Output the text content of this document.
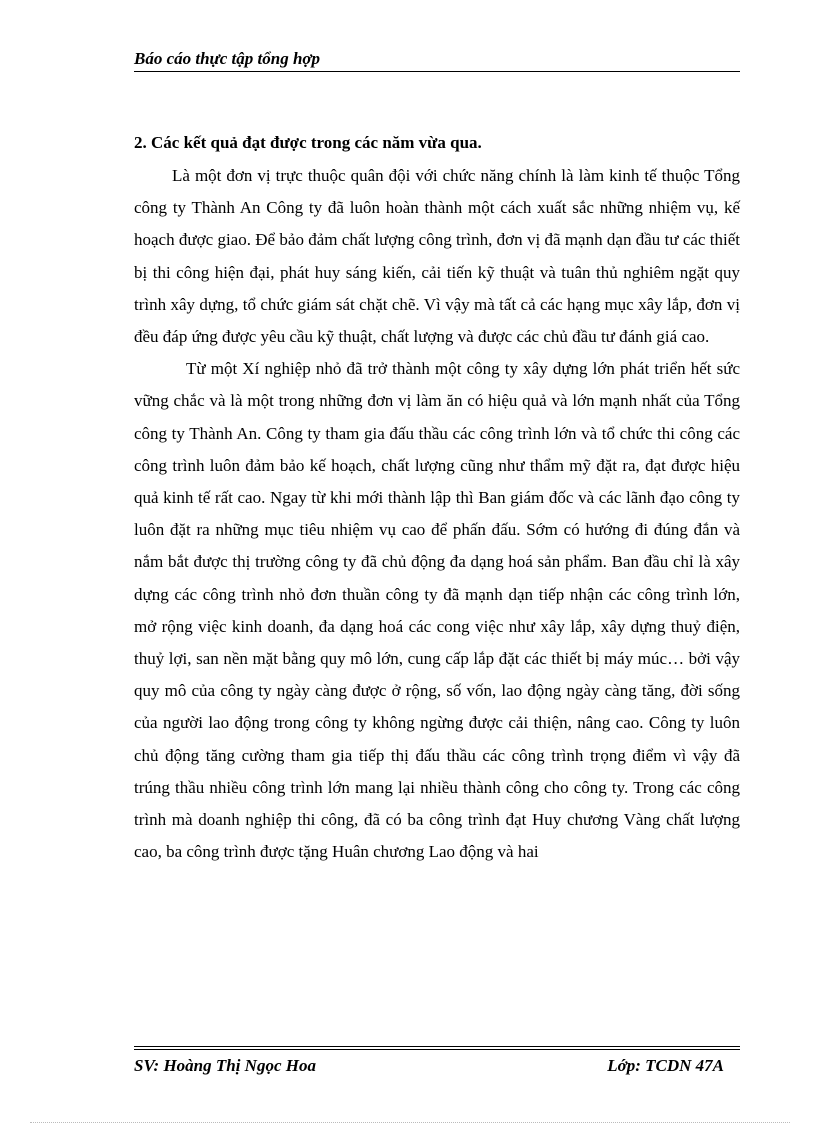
Báo cáo thực tập tổng hợp
2. Các kết quả đạt được trong các năm vừa qua.

Là một đơn vị trực thuộc quân đội với chức năng chính là làm kinh tế thuộc Tổng công ty Thành An Công ty đã luôn hoàn thành một cách xuất sắc những nhiệm vụ, kế hoạch được giao. Để bảo đảm chất lượng công trình, đơn vị đã mạnh dạn đầu tư các thiết bị thi công hiện đại, phát huy sáng kiến, cải tiến kỹ thuật và tuân thủ nghiêm ngặt quy trình xây dựng, tổ chức giám sát chặt chẽ. Vì vậy mà tất cả các hạng mục xây lắp, đơn vị đều đáp ứng được yêu cầu kỹ thuật, chất lượng và được các chủ đầu tư đánh giá cao.

Từ một Xí nghiệp nhỏ đã trở thành một công ty xây dựng lớn phát triển hết sức vững chắc và là một trong những đơn vị làm ăn có hiệu quả và lớn mạnh nhất của Tổng công ty Thành An. Công ty tham gia đấu thầu các công trình lớn và tổ chức thi công các công trình luôn đảm bảo kế hoạch, chất lượng cũng như thẩm mỹ đặt ra, đạt được hiệu quả kinh tế rất cao. Ngay từ khi mới thành lập thì Ban giám đốc và các lãnh đạo công ty luôn đặt ra những mục tiêu nhiệm vụ cao để phấn đấu. Sớm có hướng đi đúng đắn và nắm bắt được thị trường công ty đã chủ động đa dạng hoá sản phẩm. Ban đầu chỉ là xây dựng các công trình nhỏ đơn thuần công ty đã mạnh dạn tiếp nhận các công trình lớn, mở rộng việc kinh doanh, đa dạng hoá các cong việc như xây lắp, xây dựng thuỷ điện, thuỷ lợi, san nền mặt bằng quy mô lớn, cung cấp lắp đặt các thiết bị máy múc… bởi vậy quy mô của công ty ngày càng được ở rộng, số vốn, lao động ngày càng tăng, đời sống của người lao động trong công ty không ngừng được cải thiện, nâng cao. Công ty luôn chủ động tăng cường tham gia tiếp thị đấu thầu các công trình trọng điểm vì vậy đã trúng thầu nhiều công trình lớn mang lại nhiều thành công cho công ty. Trong các công trình mà doanh nghiệp thi công, đã có ba công trình đạt Huy chương Vàng chất lượng cao, ba công trình được tặng Huân chương Lao động và hai

SV: Hoàng Thị Ngọc Hoa	Lớp: TCDN 47A
